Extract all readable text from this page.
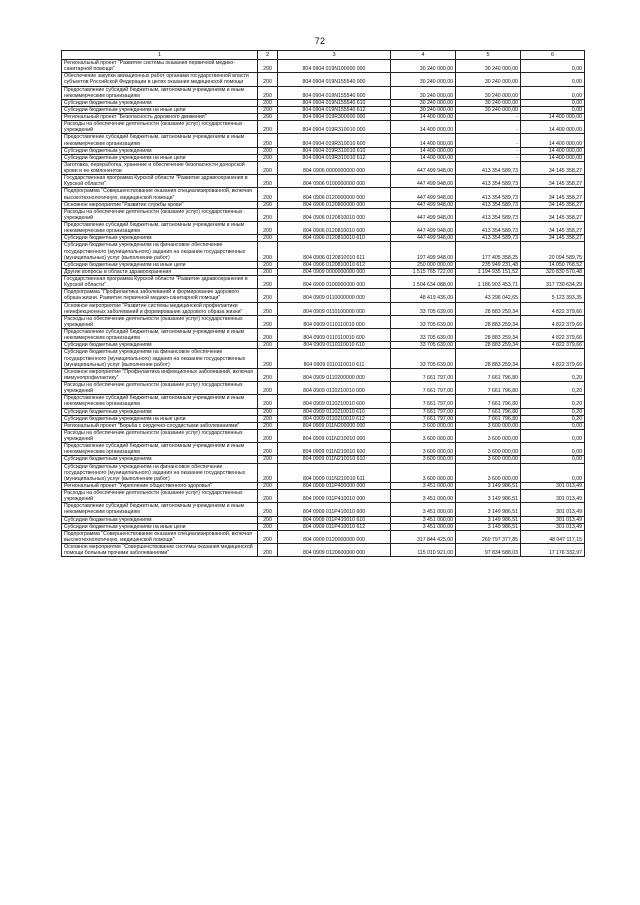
72
1	2	3	4	5	6
Региональный проект "Развитие системы оказания первичной медико-санитарной помощи"	200	804 0904 019N100000 000	30 240 000,00	30 240 000,00	0,00
Обеспечение закупки авиационных работ органами государственной власти субъектов Российской Федерации в целях оказания медицинской помощи	200	804 0904 019N155540 000	30 240 000,00	30 240 000,00	0,00
Предоставление субсидий бюджетным, автономным учреждениям и иным некоммерческим организациям	200	804 0904 019N155540 600	30 240 000,00	30 240 000,00	0,00
Субсидии бюджетным учреждениям	200	804 0904 019N155540 610	30 240 000,00	30 240 000,00	0,00
Субсидии бюджетным учреждениям на иные цели	200	804 0904 019N155540 612	30 240 000,00	30 240 000,00	0,00
Региональный проект "Безопасность дорожного движения"	200	804 0904 019R300000 000	14 400 000,00	-	14 400 000,00
Расходы на обеспечение деятельности (оказание услуг) государственных учреждений	200	804 0904 019R310010 000	14 400 000,00	-	14 400 000,00
Предоставление субсидий бюджетным, автономным учреждениям и иным некоммерческим организациям	200	804 0904 019R310010 600	14 400 000,00	-	14 400 000,00
Субсидии бюджетным учреждениям	200	804 0904 019R310010 610	14 400 000,00	-	14 400 000,00
Субсидии бюджетным учреждениям на иные цели	200	804 0904 019R310010 612	14 400 000,00	-	14 400 000,00
Заготовка, переработка, хранение и обеспечение безопасности донорской крови и ее компонентов	200	804 0906 0000000000 000	447 499 948,00	413 354 589,73	34 145 358,27
Государственная программа Курской области "Развитие здравоохранения в Курской области"	200	804 0906 0100000000 000	447 499 948,00	413 354 589,73	34 145 358,27
Подпрограмма "Совершенствование оказания специализированной, включая высокотехнологичную, медицинской помощи"	200	804 0906 0120000000 000	447 499 948,00	413 354 589,73	34 145 358,27
Основное мероприятие "Развитие службы крови"	200	804 0906 0120800000 000	447 499 948,00	413 354 589,73	34 145 358,27
Расходы на обеспечение деятельности (оказание услуг) государственных учреждений	200	804 0906 0120810010 000	447 499 948,00	413 354 589,73	34 145 358,27
Предоставление субсидий бюджетным, автономным учреждениям и иным некоммерческим организациям	200	804 0906 0120810010 600	447 499 948,00	413 354 589,73	34 145 358,27
Субсидии бюджетным учреждениям	200	804 0906 0120810010 610	447 499 948,00	413 354 589,73	34 145 358,27
Субсидии бюджетным учреждениям на финансовое обеспечение государственного (муниципального) задания на оказание государственных (муниципальных) услуг (выполнение работ)	200	804 0906 0120810010 611	197 499 948,00	177 405 358,25	20 094 589,75
Субсидии бюджетным учреждениям на иные цели	200	804 0906 0120810010 612	250 000 000,00	235 949 231,48	14 050 768,52
Другие вопросы в области здравоохранения	200	804 0909 0000000000 000	1 515 765 722,00	1 194 935 151,52	320 830 570,48
Государственная программа Курской области "Развитие здравоохранения в Курской области"	200	804 0909 0100000000 000	1 504 634 088,00	1 186 903 453,71	317 730 634,29
Подпрограмма "Профилактика заболеваний и формирование здорового образа жизни. Развитие первичной медико-санитарной помощи"	200	804 0909 0110000000 000	48 419 436,00	43 296 042,65	5 123 393,35
Основное мероприятие "Развитие системы медицинской профилактики неинфекционных заболеваний и формирование здорового образа жизни"	200	804 0909 0110100000 000	33 705 639,00	28 883 259,34	4 822 379,66
Расходы на обеспечение деятельности (оказание услуг) государственных учреждений	200	804 0909 0110110010 000	33 705 639,00	28 883 259,34	4 822 379,66
Предоставление субсидий бюджетным, автономным учреждениям и иным некоммерческим организациям	200	804 0909 0110110010 600	33 705 639,00	28 883 259,34	4 822 379,66
Субсидии бюджетным учреждениям	200	804 0909 0110110010 610	33 705 639,00	28 883 259,34	4 822 379,66
Субсидии бюджетным учреждениям на финансовое обеспечение государственного (муниципального) задания на оказание государственных (муниципальных) услуг (выполнение работ)	200	804 0909 0110110010 611	33 705 639,00	28 883 259,34	4 822 379,66
Основное мероприятие "Профилактика инфекционных заболеваний, включая иммунопрофилактику"	200	804 0909 0110200000 000	7 661 797,00	7 661 796,80	0,20
Расходы на обеспечение деятельности (оказание услуг) государственных учреждений	200	804 0909 0110210010 000	7 661 797,00	7 661 796,80	0,20
Предоставление субсидий бюджетным, автономным учреждениям и иным некоммерческим организациям	200	804 0909 0110210010 600	7 661 797,00	7 661 796,80	0,20
Субсидии бюджетным учреждениям	200	804 0909 0110210010 610	7 661 797,00	7 661 796,80	0,20
Субсидии бюджетным учреждениям на иные цели	200	804 0909 0110210010 612	7 661 797,00	7 661 796,80	0,20
Региональный проект "Борьба с сердечно-сосудистыми заболеваниями"	200	804 0909 011N200000 000	3 600 000,00	3 600 000,00	0,00
Расходы на обеспечение деятельности (оказание услуг) государственных учреждений	200	804 0909 011N210010 000	3 600 000,00	3 600 000,00	0,00
Предоставление субсидий бюджетным, автономным учреждениям и иным некоммерческим организациям	200	804 0909 011N210010 600	3 600 000,00	3 600 000,00	0,00
Субсидии бюджетным учреждениям	200	804 0909 011N210010 610	3 600 000,00	3 600 000,00	0,00
Субсидии бюджетным учреждениям на финансовое обеспечение государственного (муниципального) задания на оказание государственных (муниципальных) услуг (выполнение работ)	200	804 0909 011N210010 611	3 600 000,00	3 600 000,00	0,00
Региональный проект "Укрепление общественного здоровья"	200	804 0909 011P400000 000	3 451 000,00	3 149 986,51	301 013,49
Расходы на обеспечение деятельности (оказание услуг) государственных учреждений	200	804 0909 011P410010 000	3 451 000,00	3 149 986,51	301 013,49
Предоставление субсидий бюджетным, автономным учреждениям и иным некоммерческим организациям	200	804 0909 011P410010 600	3 451 000,00	3 149 986,51	301 013,49
Субсидии бюджетным учреждениям	200	804 0909 011P410010 610	3 451 000,00	3 149 986,51	301 013,49
Субсидии бюджетным учреждениям на иные цели	200	804 0909 011P410010 612	3 451 000,00	3 149 986,51	301 013,49
Подпрограмма "Совершенствование оказания специализированной, включая высокотехнологичную, медицинской помощи"	200	804 0909 0120000000 000	317 844 425,00	269 797 377,85	48 047 117,15
Основное мероприятие "Совершенствование системы оказания медицинской помощи больным прочими заболеваниями"	200	804 0909 0120600000 000	115 010 921,00	97 834 588,03	17 176 332,97
